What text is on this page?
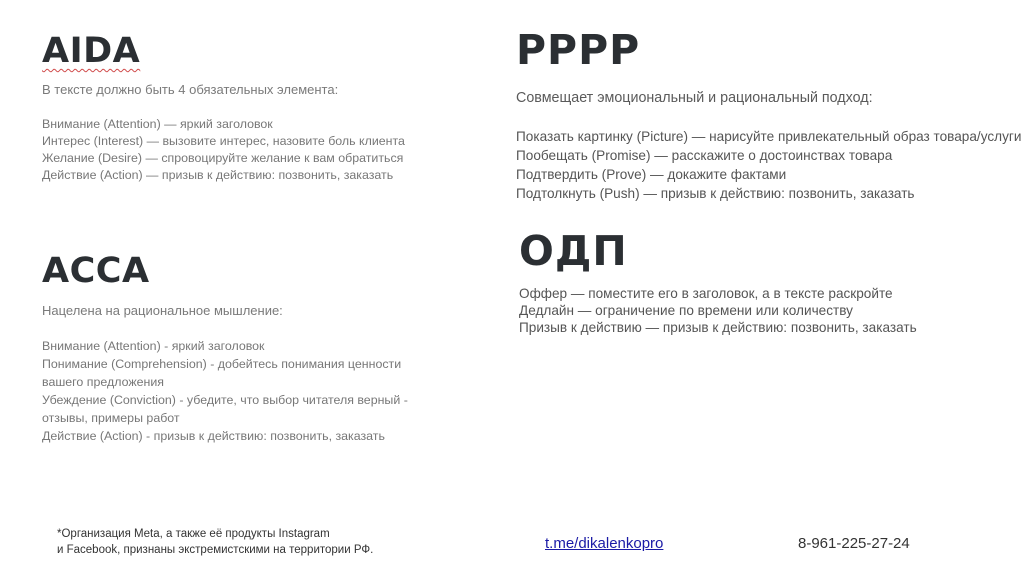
AIDA

В тексте должно быть 4 обязательных элемента:

Внимание (Attention) — яркий заголовок

Интерес (Interest) — вызовите интерес, назовите боль клиента

Желание (Desire) — спровоцируйте желание к вам обратиться

Действие (Action) — призыв к действию: позвонить, заказать

ACCA

Нацелена на рациональное мышление:

Внимание (Attention) - яркий заголовок

Понимание (Comprehension) - добейтесь понимания ценности вашего предложения

Убеждение (Conviction) - убедите, что выбор читателя верный - отзывы, примеры работ

Действие (Action) - призыв к действию: позвонить, заказать

PPPP

Совмещает эмоциональный и рациональный подход:

Показать картинку (Picture) — нарисуйте привлекательный образ товара/услуги

Пообещать (Promise) — расскажите о достоинствах товара

Подтвердить (Prove) — докажите фактами

Подтолкнуть (Push) — призыв к действию: позвонить, заказать

ОДП

Оффер — поместите его в заголовок, а в тексте раскройте

Дедлайн — ограничение по времени или количеству

Призыв к действию — призыв к действию: позвонить, заказать

*Организация Meta, а также её продукты Instagram
и Facebook, признаны экстремистскими на территории РФ.	t.me/dikalenkopro	8-961-225-27-24
